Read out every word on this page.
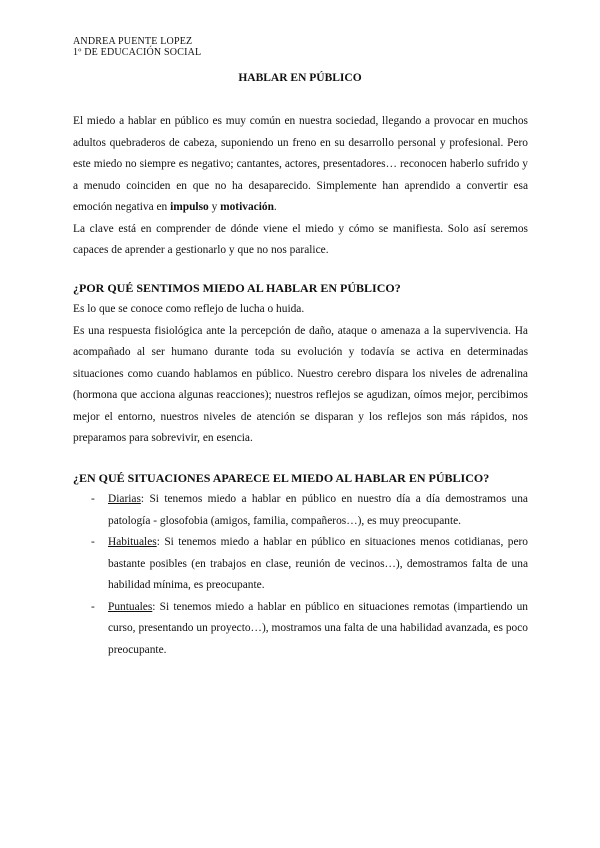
ANDREA PUENTE LOPEZ
1º DE EDUCACIÓN SOCIAL
HABLAR EN PÚBLICO

El miedo a hablar en público es muy común en nuestra sociedad, llegando a provocar en muchos adultos quebraderos de cabeza, suponiendo un freno en su desarrollo personal y profesional. Pero este miedo no siempre es negativo; cantantes, actores, presentadores… reconocen haberlo sufrido y a menudo coinciden en que no ha desaparecido. Simplemente han aprendido a convertir esa emoción negativa en impulso y motivación.

La clave está en comprender de dónde viene el miedo y cómo se manifiesta. Solo así seremos capaces de aprender a gestionarlo y que no nos paralice.

¿POR QUÉ SENTIMOS MIEDO AL HABLAR EN PÚBLICO?

Es lo que se conoce como reflejo de lucha o huida.

Es una respuesta fisiológica ante la percepción de daño, ataque o amenaza a la supervivencia. Ha acompañado al ser humano durante toda su evolución y todavía se activa en determinadas situaciones como cuando hablamos en público. Nuestro cerebro dispara los niveles de adrenalina (hormona que acciona algunas reacciones); nuestros reflejos se agudizan, oímos mejor, percibimos mejor el entorno, nuestros niveles de atención se disparan y los reflejos son más rápidos, nos preparamos para sobrevivir, en esencia.

¿EN QUÉ SITUACIONES APARECE EL MIEDO AL HABLAR EN PÚBLICO?
- Diarias: Si tenemos miedo a hablar en público en nuestro día a día demostramos una patología - glosofobia (amigos, familia, compañeros…), es muy preocupante.
- Habituales: Si tenemos miedo a hablar en público en situaciones menos cotidianas, pero bastante posibles (en trabajos en clase, reunión de vecinos…), demostramos falta de una habilidad mínima, es preocupante.
- Puntuales: Si tenemos miedo a hablar en público en situaciones remotas (impartiendo un curso, presentando un proyecto…), mostramos una falta de una habilidad avanzada, es poco preocupante.
